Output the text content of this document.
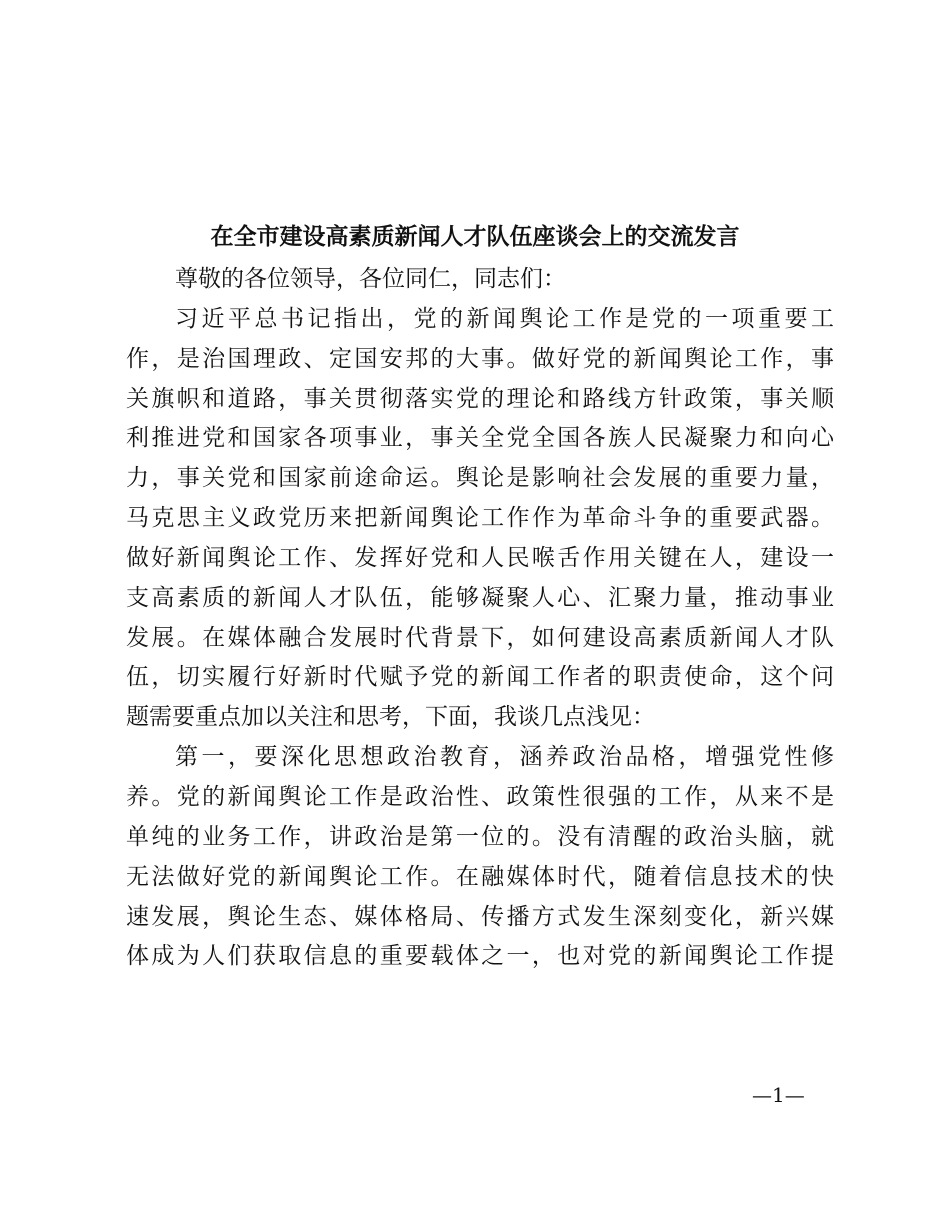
在全市建设高素质新闻人才队伍座谈会上的交流发言
尊敬的各位领导，各位同仁，同志们：
习近平总书记指出，党的新闻舆论工作是党的一项重要工
作，是治国理政、定国安邦的大事。做好党的新闻舆论工作，事
关旗帜和道路，事关贯彻落实党的理论和路线方针政策，事关顺
利推进党和国家各项事业，事关全党全国各族人民凝聚力和向心
力，事关党和国家前途命运。舆论是影响社会发展的重要力量，
马克思主义政党历来把新闻舆论工作作为革命斗争的重要武器。
做好新闻舆论工作、发挥好党和人民喉舌作用关键在人，建设一
支高素质的新闻人才队伍，能够凝聚人心、汇聚力量，推动事业
发展。在媒体融合发展时代背景下，如何建设高素质新闻人才队
伍，切实履行好新时代赋予党的新闻工作者的职责使命，这个问
题需要重点加以关注和思考，下面，我谈几点浅见：
第一，要深化思想政治教育，涵养政治品格，增强党性修
养。党的新闻舆论工作是政治性、政策性很强的工作，从来不是
单纯的业务工作，讲政治是第一位的。没有清醒的政治头脑，就
无法做好党的新闻舆论工作。在融媒体时代，随着信息技术的快
速发展，舆论生态、媒体格局、传播方式发生深刻变化，新兴媒
体成为人们获取信息的重要载体之一，也对党的新闻舆论工作提
—1—
